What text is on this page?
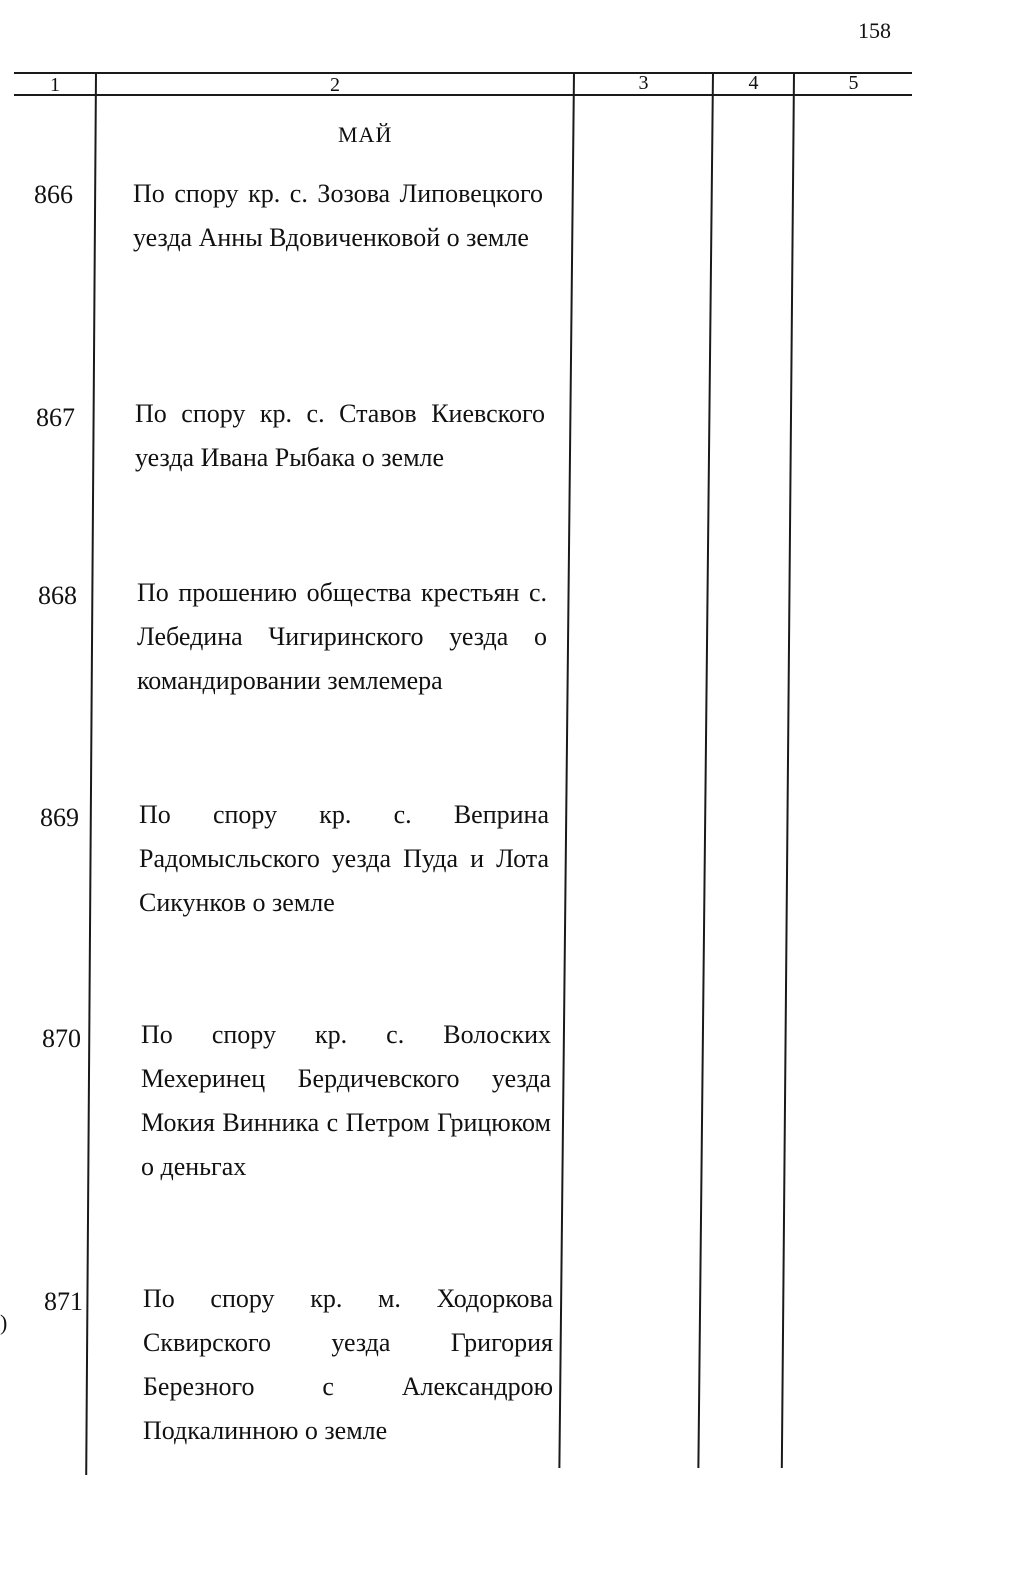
158
1	2	3	4	5
МАЙ
866 По спору кр. с. Зозова Липовецкого уезда Анны Вдовиченковой о земле
867 По спору кр. с. Ставов Киевского уезда Ивана Рыбака о земле
868 По прошению общества крестьян с. Лебедина Чигиринского уезда о командировании землемера
869 По спору кр. с. Веприна Радомысльского уезда Пуда и Лота Сикунков о земле
870 По спору кр. с. Волоских Мехеринец Бердичевского уезда Мокия Винника с Петром Грицюком о деньгах
871 По спору кр. м. Ходоркова Сквирского уезда Григория Березного с Александрою Подкалинною о земле
)
